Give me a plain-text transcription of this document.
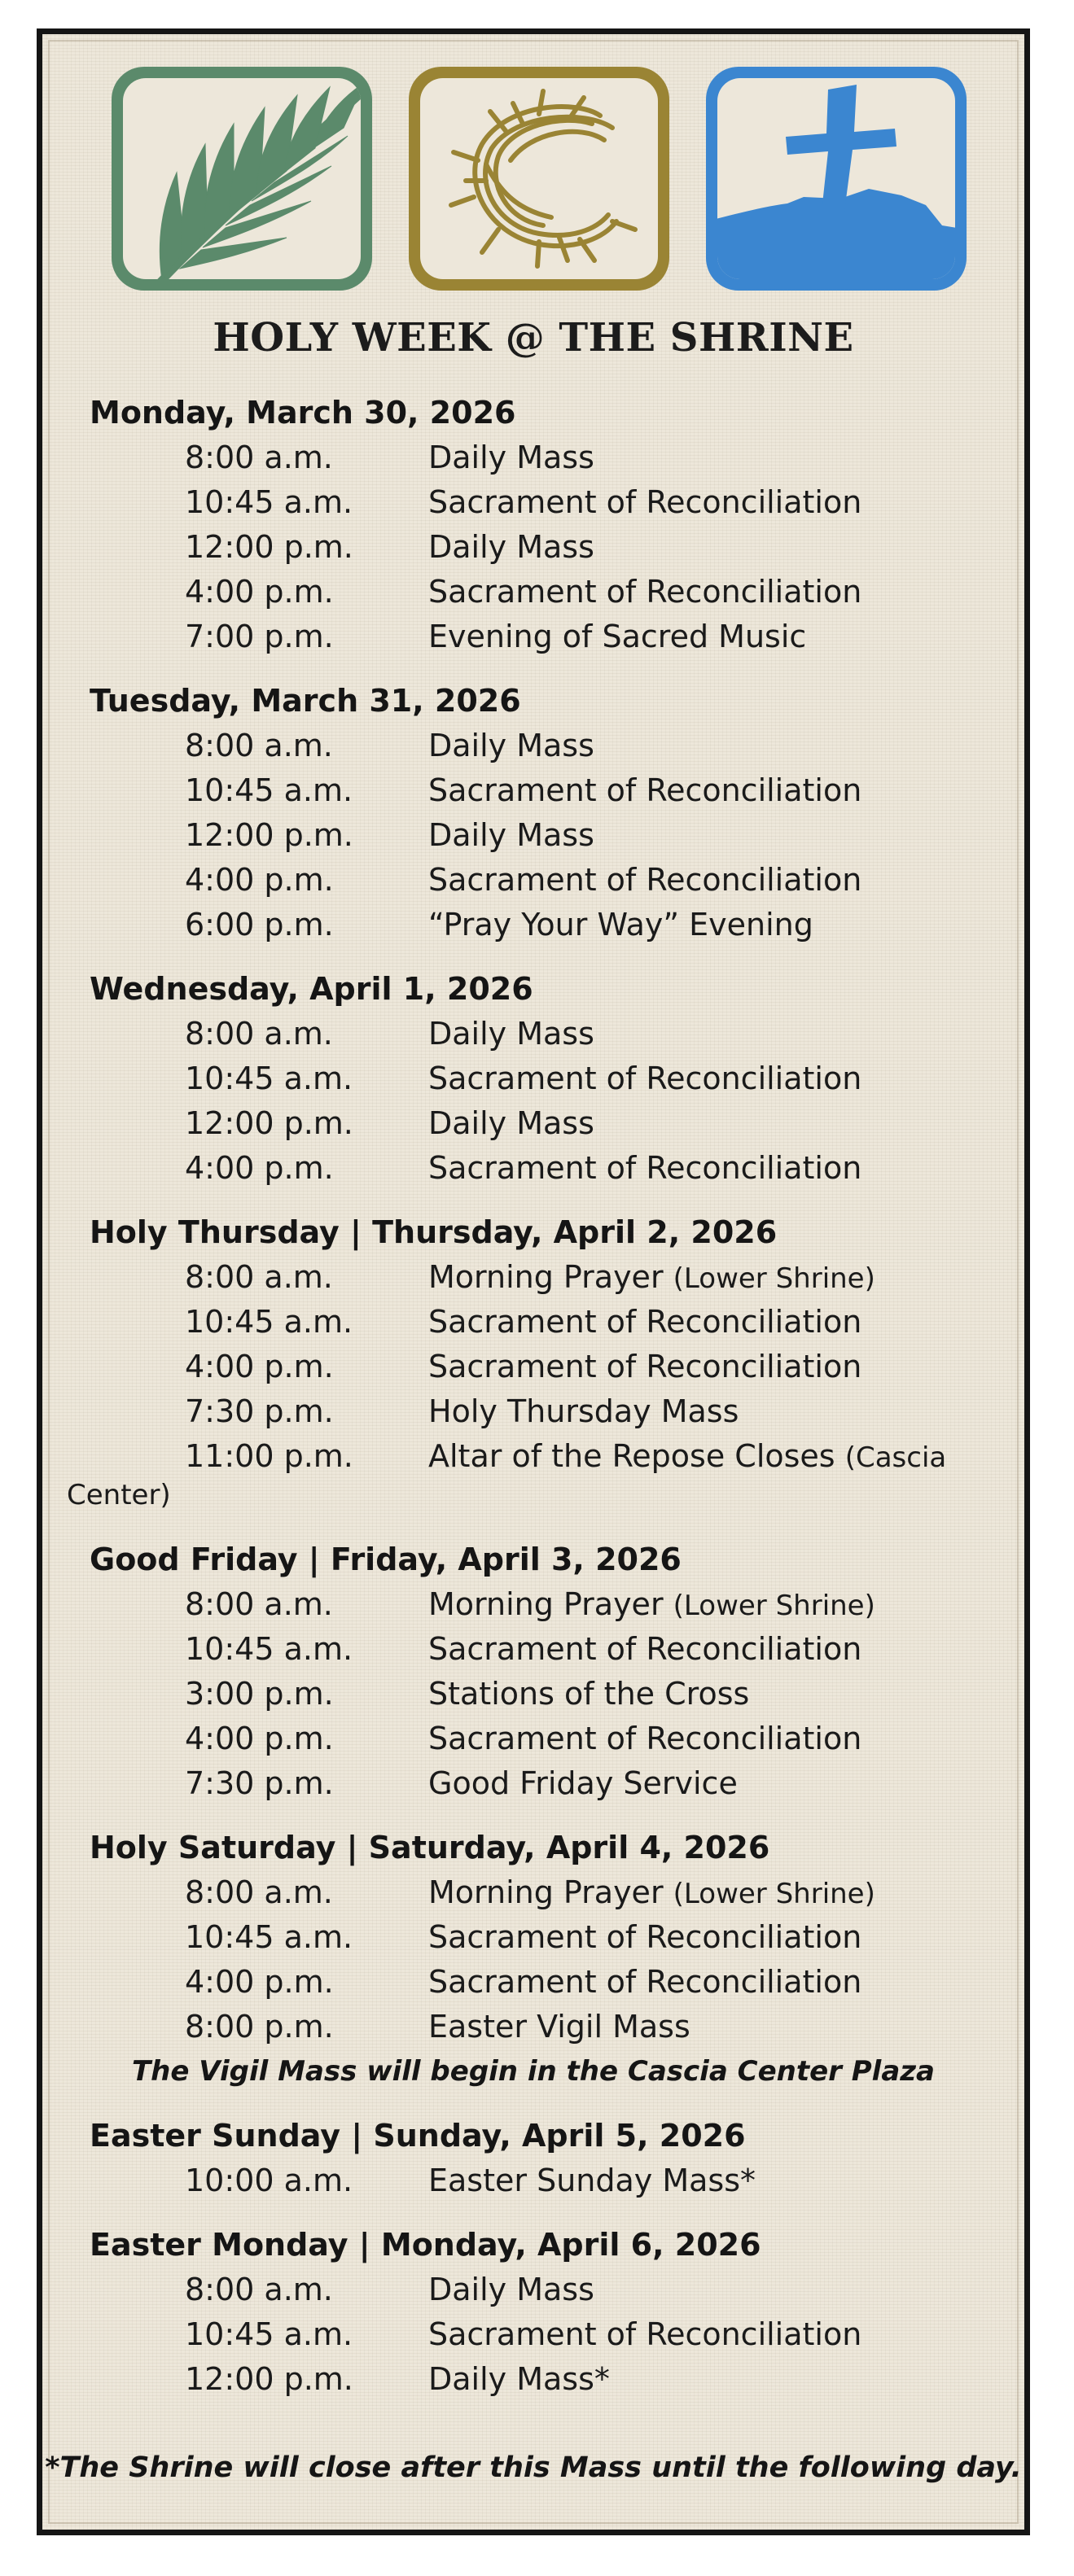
HOLY WEEK @ THE SHRINE
Monday, March 30, 2026
8:00 a.m.	Daily Mass
10:45 a.m. Sacrament of Reconciliation
12:00 p.m. Daily Mass
4:00 p.m.	Sacrament of Reconciliation
7:00 p.m.	Evening of Sacred Music
Tuesday, March 31, 2026
8:00 a.m.	Daily Mass
10:45 a.m. Sacrament of Reconciliation
12:00 p.m. Daily Mass
4:00 p.m.	Sacrament of Reconciliation
6:00 p.m.	“Pray Your Way” Evening
Wednesday, April 1, 2026
8:00 a.m.	Daily Mass
10:45 a.m. Sacrament of Reconciliation
12:00 p.m. Daily Mass
4:00 p.m.	Sacrament of Reconciliation
Holy Thursday | Thursday, April 2, 2026
8:00 a.m.	Morning Prayer (Lower Shrine)
10:45 a.m. Sacrament of Reconciliation
4:00 p.m.	Sacrament of Reconciliation
7:30 p.m.	Holy Thursday Mass
11:00 p.m. Altar of the Repose Closes (Cascia
Center)
Good Friday | Friday, April 3, 2026
8:00 a.m.	Morning Prayer (Lower Shrine)
10:45 a.m. Sacrament of Reconciliation
3:00 p.m.	Stations of the Cross
4:00 p.m.	Sacrament of Reconciliation
7:30 p.m.	Good Friday Service
Holy Saturday | Saturday, April 4, 2026
8:00 a.m.	Morning Prayer (Lower Shrine)
10:45 a.m. Sacrament of Reconciliation
4:00 p.m.	Sacrament of Reconciliation
8:00 p.m.	Easter Vigil Mass
The Vigil Mass will begin in the Cascia Center Plaza
Easter Sunday | Sunday, April 5, 2026
10:00 a.m. Easter Sunday Mass*
Easter Monday | Monday, April 6, 2026
8:00 a.m.	Daily Mass
10:45 a.m. Sacrament of Reconciliation
12:00 p.m. Daily Mass*
*The Shrine will close after this Mass until the following day.
